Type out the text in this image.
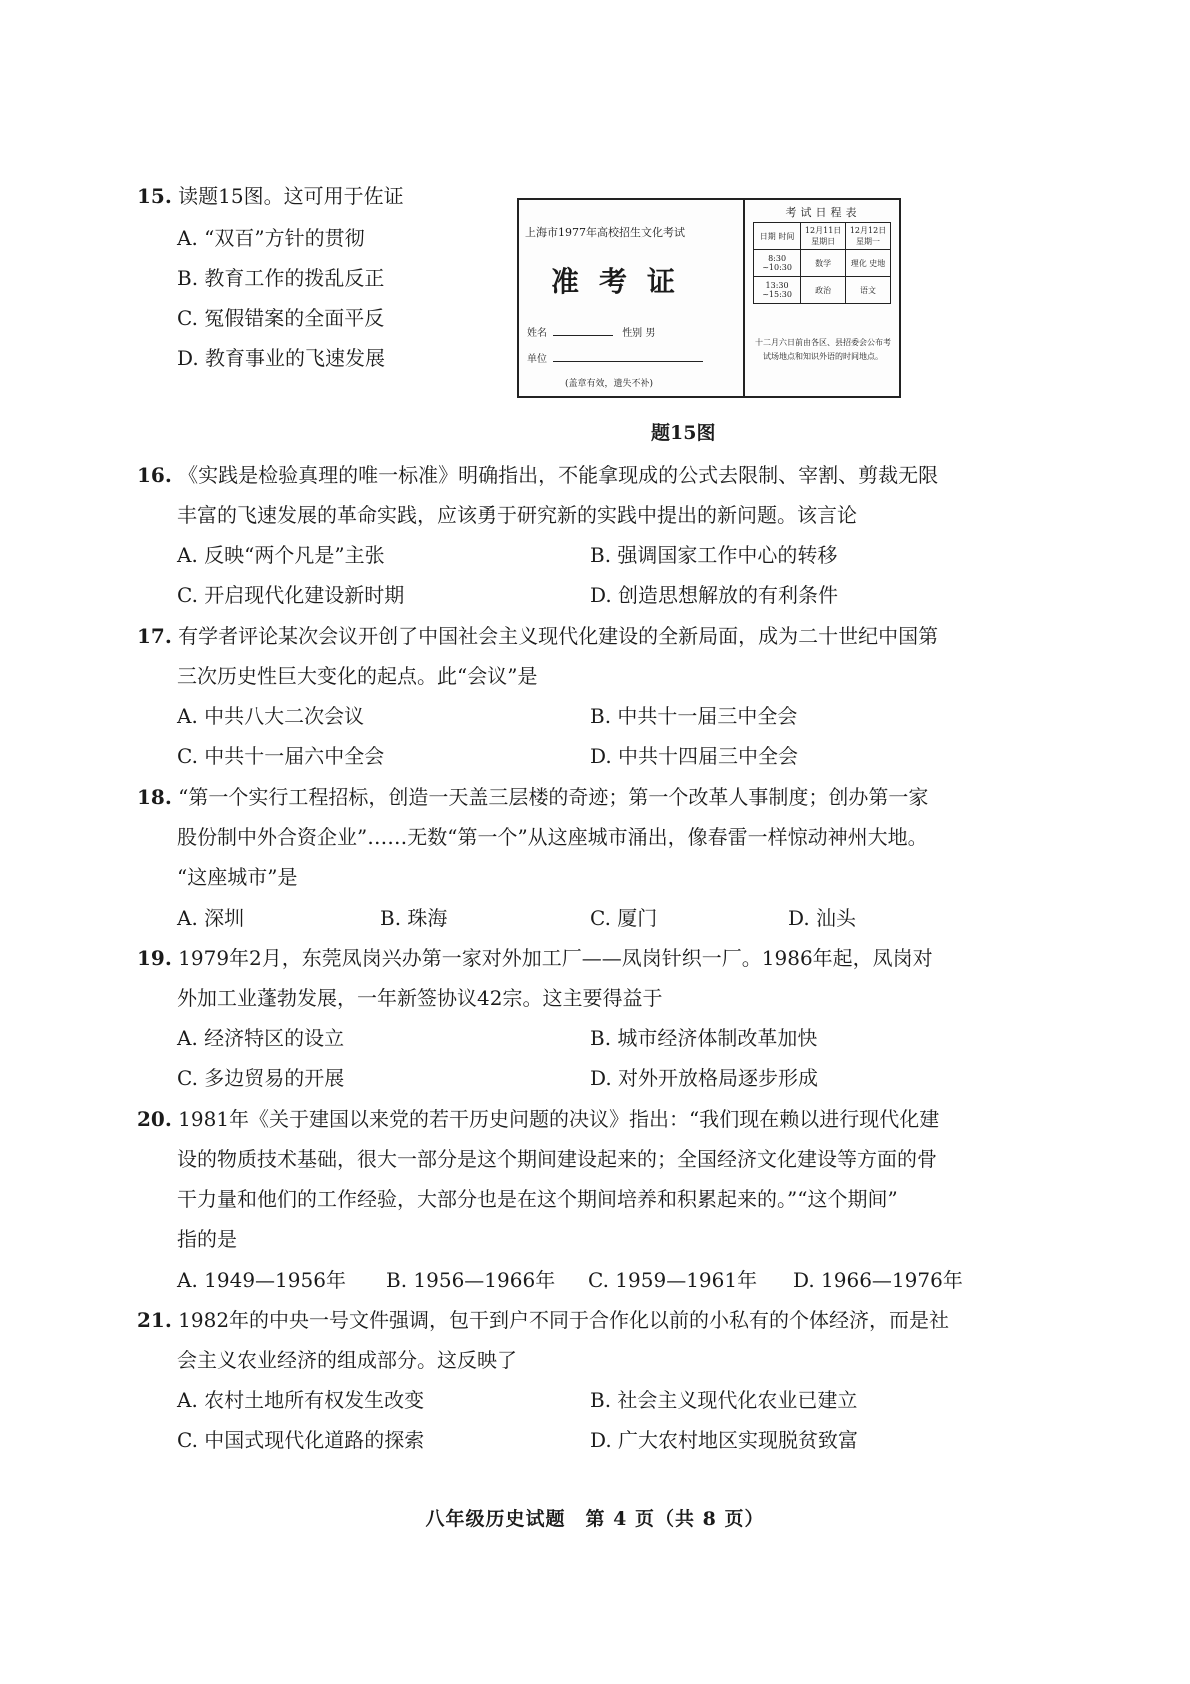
15. 读题15图。这可用于佐证
A. “双百”方针的贯彻
B. 教育工作的拨乱反正
C. 冤假错案的全面平反
D. 教育事业的飞速发展
上海市1977年高校招生文化考试
准考证
姓名	性别 男
单位
(盖章有效，遗失不补)
考试日程表
日期 时间	12月11日 星期日	12月12日 星期一
8:30 ~10:30	数学	理化 史地
13:30 ~15:30	政治	语文
十二月六日前由各区、县招委会公布考试场地点和知识外语的时间地点。
题15图
16. 《实践是检验真理的唯一标准》明确指出，不能拿现成的公式去限制、宰割、剪裁无限
丰富的飞速发展的革命实践，应该勇于研究新的实践中提出的新问题。该言论
A. 反映“两个凡是”主张	B. 强调国家工作中心的转移
C. 开启现代化建设新时期	D. 创造思想解放的有利条件
17. 有学者评论某次会议开创了中国社会主义现代化建设的全新局面，成为二十世纪中国第
三次历史性巨大变化的起点。此“会议”是
A. 中共八大二次会议	B. 中共十一届三中全会
C. 中共十一届六中全会	D. 中共十四届三中全会
18. “第一个实行工程招标，创造一天盖三层楼的奇迹；第一个改革人事制度；创办第一家
股份制中外合资企业”……无数“第一个”从这座城市涌出，像春雷一样惊动神州大地。
“这座城市”是
A. 深圳	B. 珠海	C. 厦门	D. 汕头
19. 1979年2月，东莞凤岗兴办第一家对外加工厂——凤岗针织一厂。1986年起，凤岗对
外加工业蓬勃发展，一年新签协议42宗。这主要得益于
A. 经济特区的设立	B. 城市经济体制改革加快
C. 多边贸易的开展	D. 对外开放格局逐步形成
20. 1981年《关于建国以来党的若干历史问题的决议》指出：“我们现在赖以进行现代化建
设的物质技术基础，很大一部分是这个期间建设起来的；全国经济文化建设等方面的骨
干力量和他们的工作经验，大部分也是在这个期间培养和积累起来的。”“这个期间”
指的是
A. 1949—1956年 B. 1956—1966年 C. 1959—1961年 D. 1966—1976年
21. 1982年的中央一号文件强调，包干到户不同于合作化以前的小私有的个体经济，而是社
会主义农业经济的组成部分。这反映了
A. 农村土地所有权发生改变	B. 社会主义现代化农业已建立
C. 中国式现代化道路的探索	D. 广大农村地区实现脱贫致富
八年级历史试题　第 4 页（共 8 页）
